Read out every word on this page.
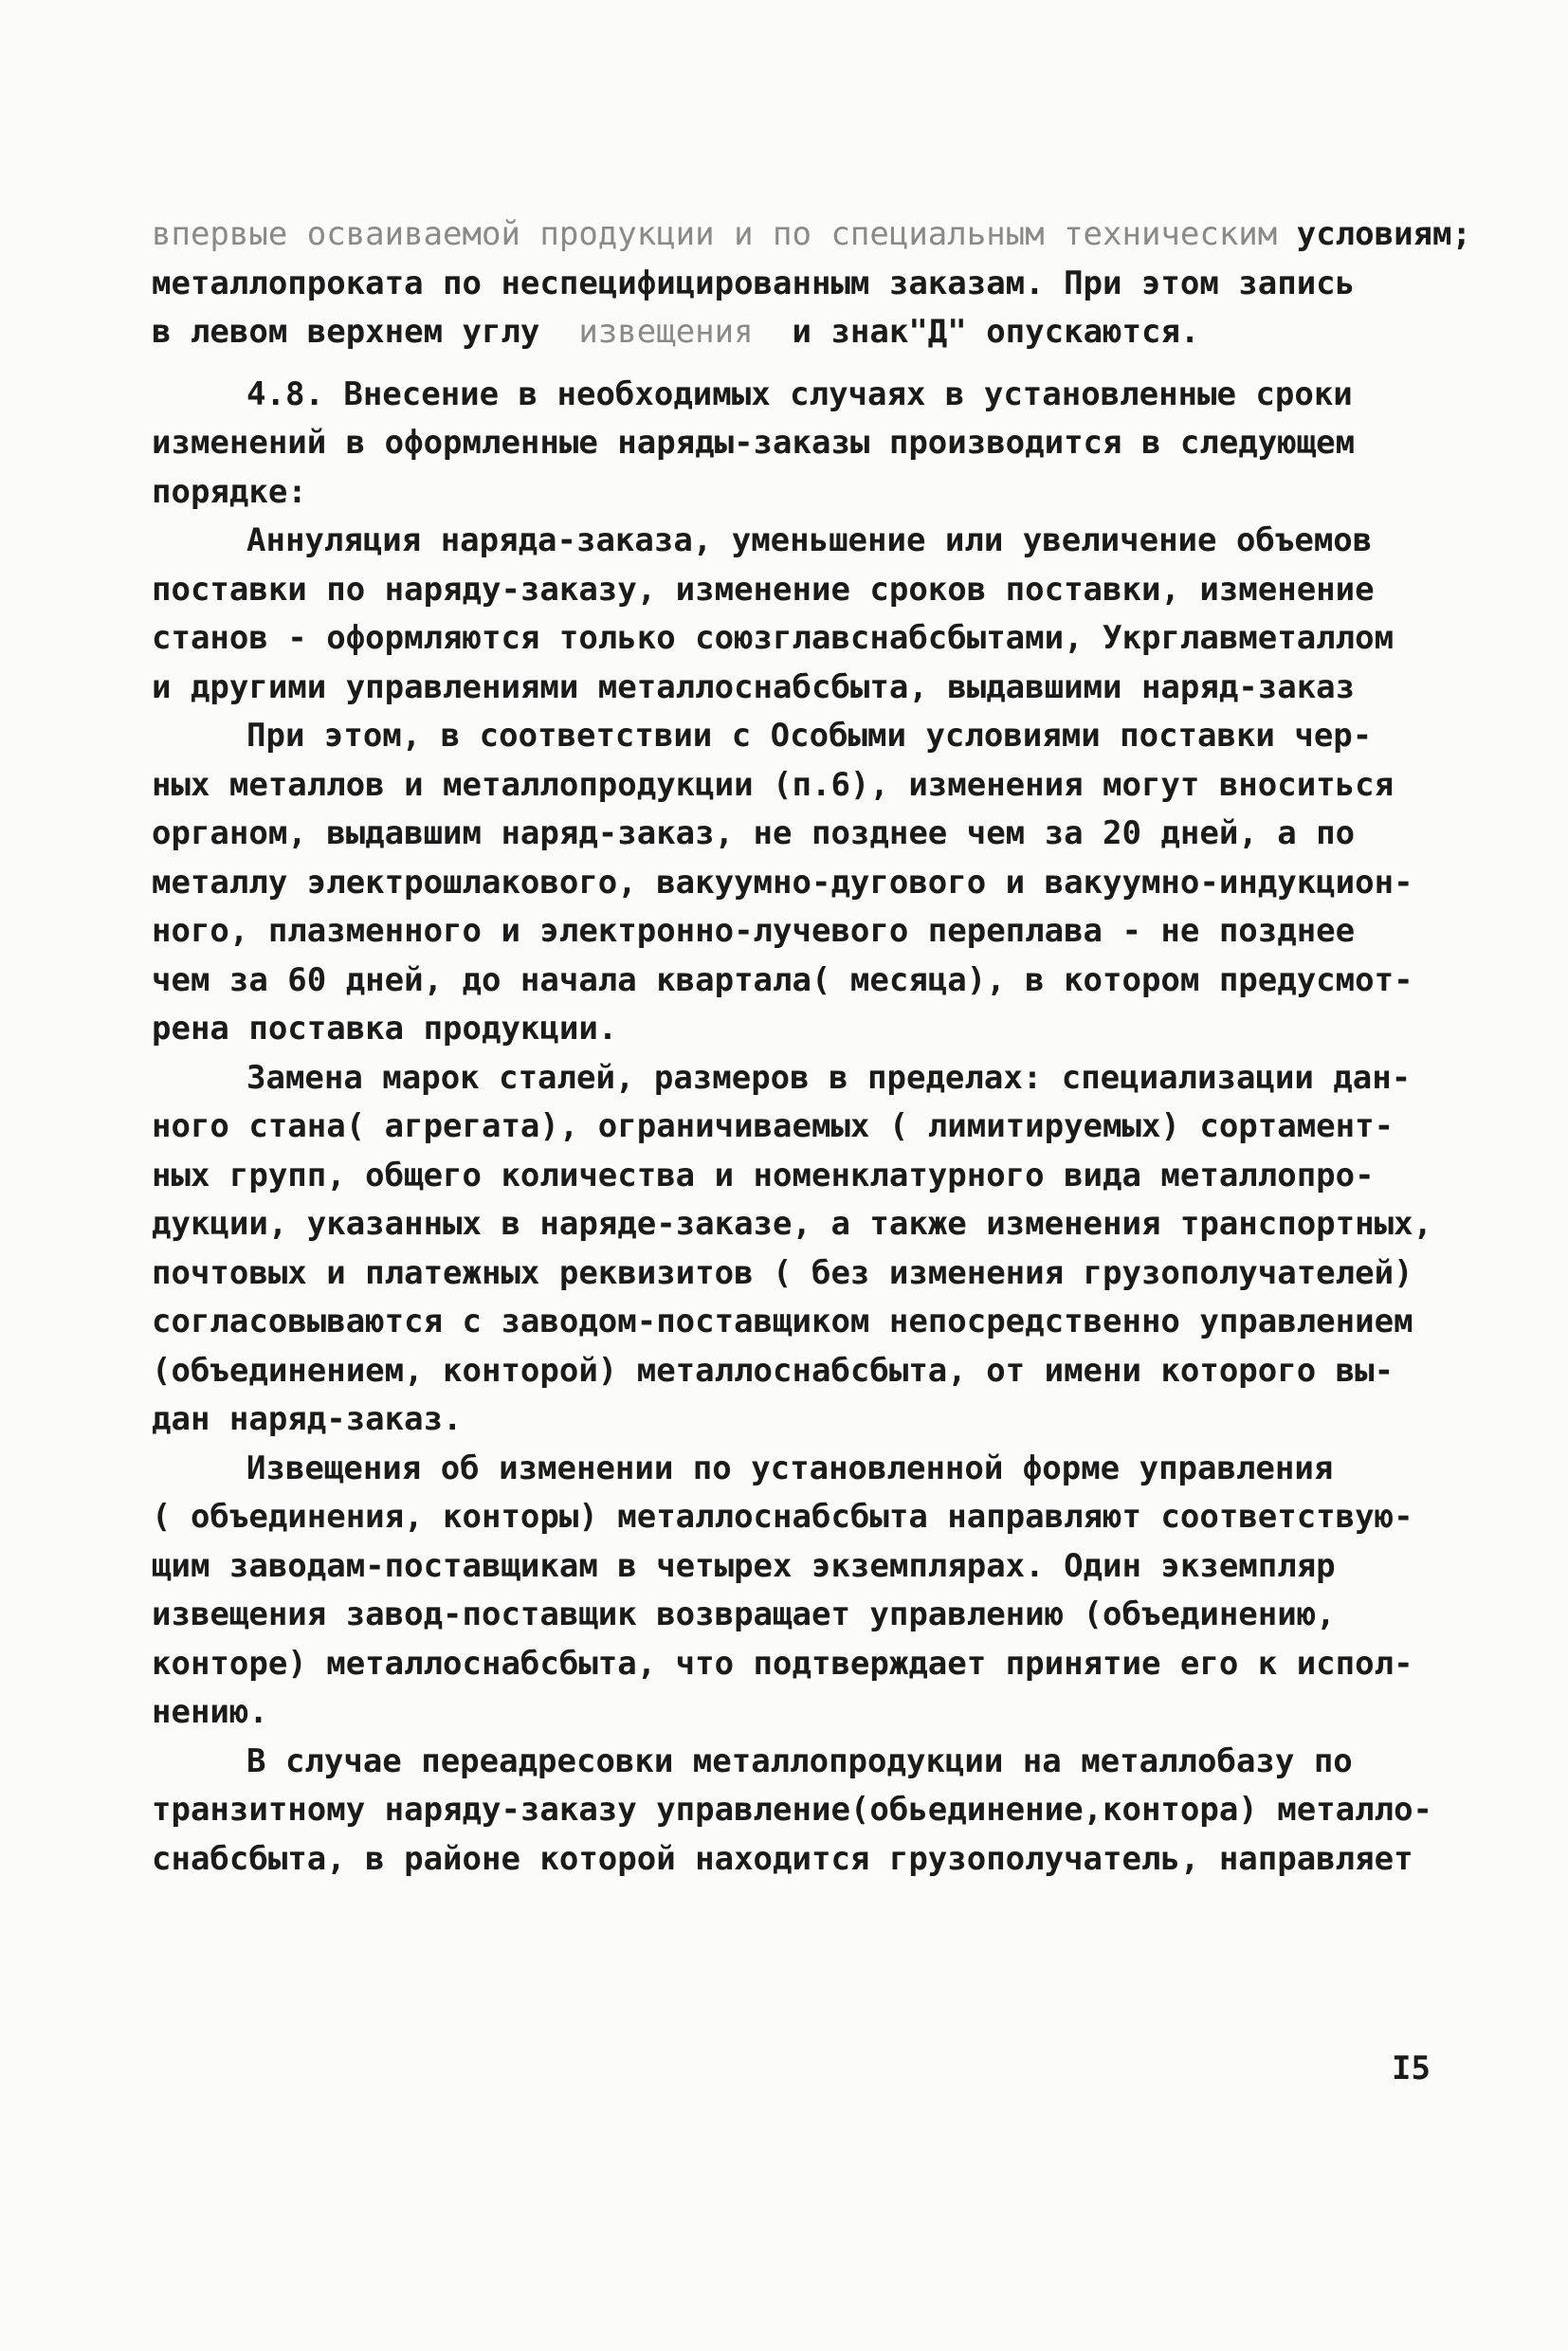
впервые осваиваемой продукции и по специальным техническим условиям;
металлопроката по неспецифицированным заказам. При этом запись
в левом верхнем углу  извещения  и знак"Д" опускаются.
4.8. Внесение в необходимых случаях в установленные сроки
изменений в оформленные наряды-заказы производится в следующем
порядке:
Аннуляция наряда-заказа, уменьшение или увеличение объемов
поставки по наряду-заказу, изменение сроков поставки, изменение
станов - оформляются только союзглавснабсбытами, Укрглавметаллом
и другими управлениями металлоснабсбыта, выдавшими наряд-заказ
При этом, в соответствии с Особыми условиями поставки чер-
ных металлов и металлопродукции (п.6), изменения могут вноситься
органом, выдавшим наряд-заказ, не позднее чем за 20 дней, а по
металлу электрошлакового, вакуумно-дугового и вакуумно-индукцион-
ного, плазменного и электронно-лучевого переплава - не позднее
чем за 60 дней, до начала квартала( месяца), в котором предусмот-
рена поставка продукции.
Замена марок сталей, размеров в пределах: специализации дан-
ного стана( агрегата), ограничиваемых ( лимитируемых) сортамент-
ных групп, общего количества и номенклатурного вида металлопро-
дукции, указанных в наряде-заказе, а также изменения транспортных,
почтовых и платежных реквизитов ( без изменения грузополучателей)
согласовываются с заводом-поставщиком непосредственно управлением
(объединением, конторой) металлоснабсбыта, от имени которого вы-
дан наряд-заказ.
Извещения об изменении по установленной форме управления
( объединения, конторы) металлоснабсбыта направляют соответствую-
щим заводам-поставщикам в четырех экземплярах. Один экземпляр
извещения завод-поставщик возвращает управлению (объединению,
конторе) металлоснабсбыта, что подтверждает принятие его к испол-
нению.
В случае переадресовки металлопродукции на металлобазу по
транзитному наряду-заказу управление(обьединение,контора) металло-
снабсбыта, в районе которой находится грузополучатель, направляет
I5
